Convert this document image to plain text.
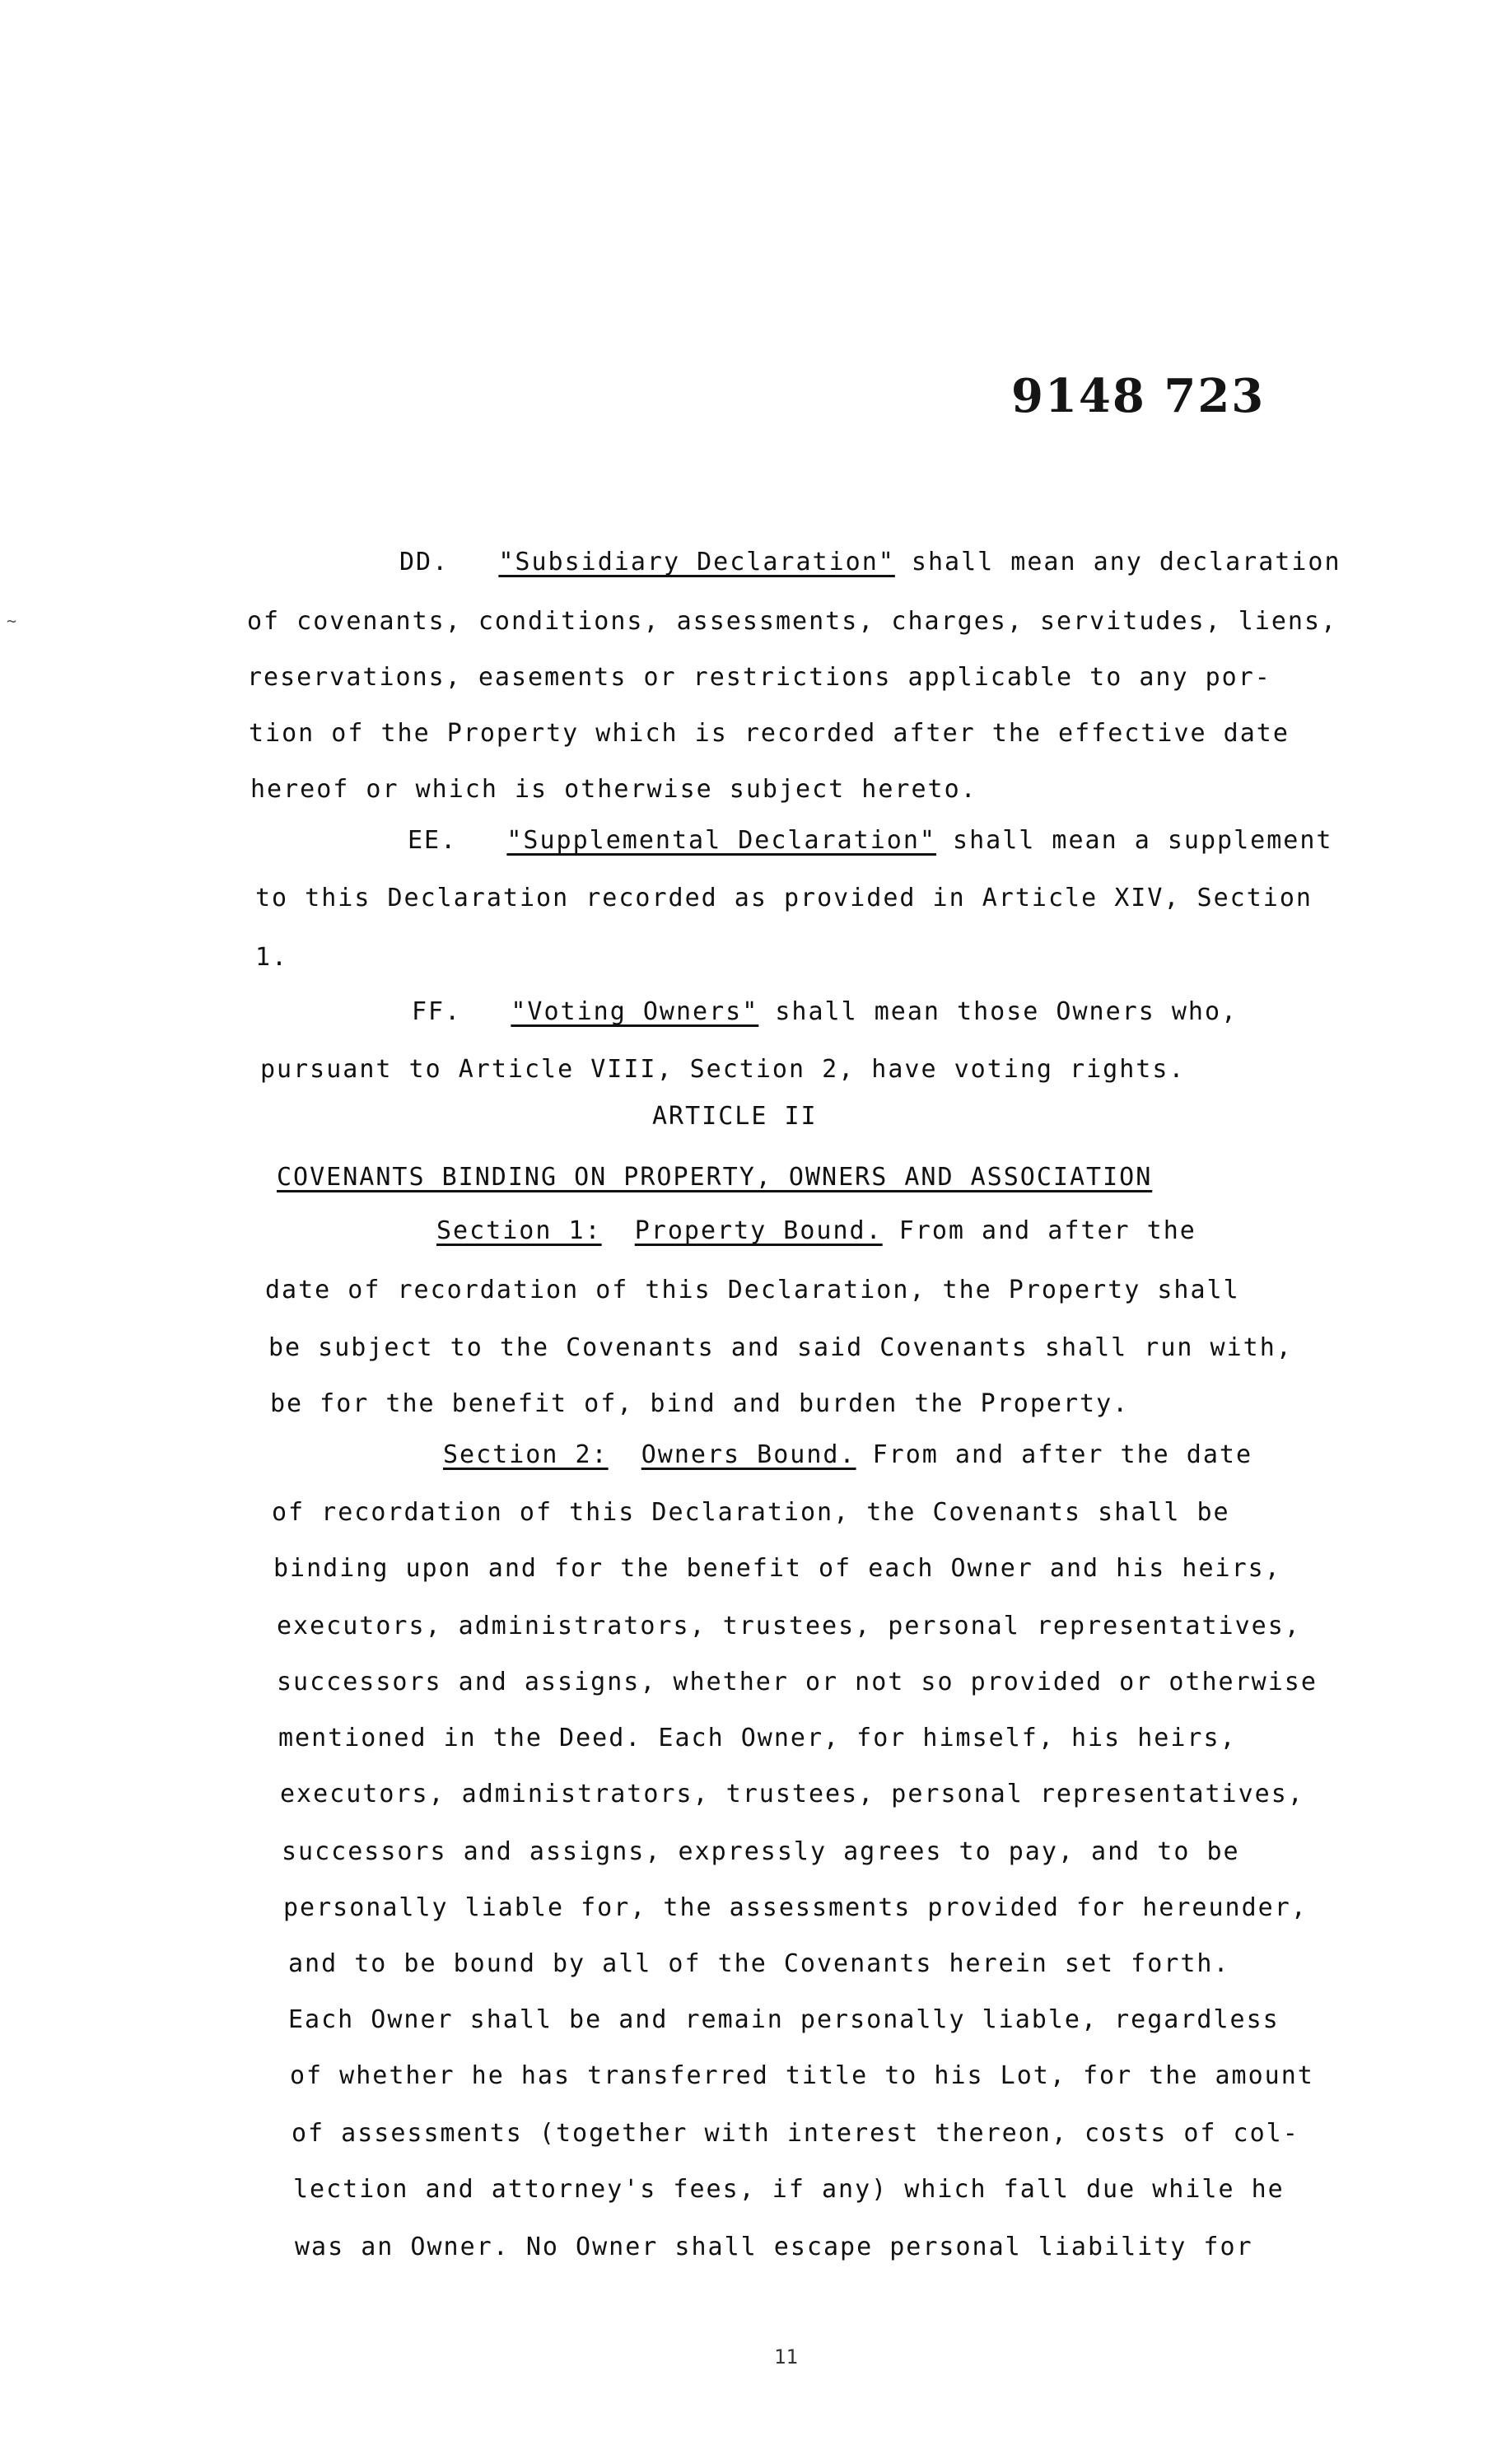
9148 723
~
DD. "Subsidiary Declaration" shall mean any declaration
of covenants, conditions, assessments, charges, servitudes, liens,
reservations, easements or restrictions applicable to any por-
tion of the Property which is recorded after the effective date
hereof or which is otherwise subject hereto.
EE. "Supplemental Declaration" shall mean a supplement
to this Declaration recorded as provided in Article XIV, Section
1.
FF. "Voting Owners" shall mean those Owners who,
pursuant to Article VIII, Section 2, have voting rights.
ARTICLE II
COVENANTS BINDING ON PROPERTY, OWNERS AND ASSOCIATION
Section 1: Property Bound. From and after the
date of recordation of this Declaration, the Property shall
be subject to the Covenants and said Covenants shall run with,
be for the benefit of, bind and burden the Property.
Section 2: Owners Bound. From and after the date
of recordation of this Declaration, the Covenants shall be
binding upon and for the benefit of each Owner and his heirs,
executors, administrators, trustees, personal representatives,
successors and assigns, whether or not so provided or otherwise
mentioned in the Deed. Each Owner, for himself, his heirs,
executors, administrators, trustees, personal representatives,
successors and assigns, expressly agrees to pay, and to be
personally liable for, the assessments provided for hereunder,
and to be bound by all of the Covenants herein set forth.
Each Owner shall be and remain personally liable, regardless
of whether he has transferred title to his Lot, for the amount
of assessments (together with interest thereon, costs of col-
lection and attorney's fees, if any) which fall due while he
was an Owner. No Owner shall escape personal liability for
11
